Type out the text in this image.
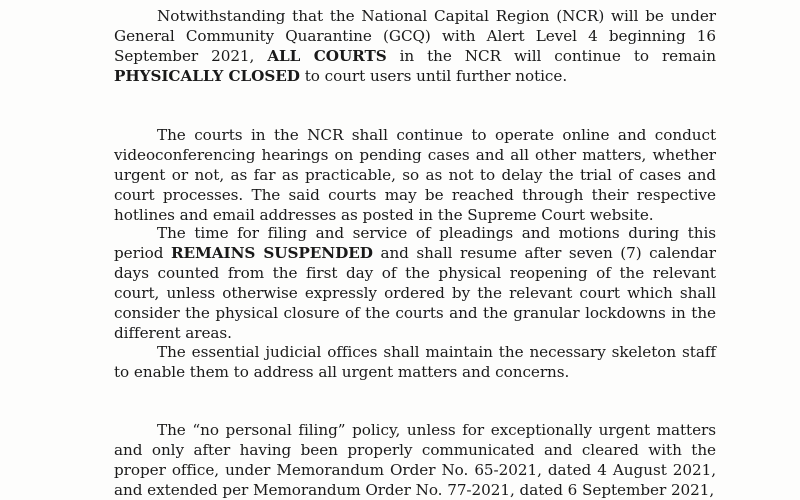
Notwithstanding that the National Capital Region (NCR) will be under General Community Quarantine (GCQ) with Alert Level 4 beginning 16 September 2021, ALL COURTS in the NCR will continue to remain PHYSICALLY CLOSED to court users until further notice.

The courts in the NCR shall continue to operate online and conduct videoconferencing hearings on pending cases and all other matters, whether urgent or not, as far as practicable, so as not to delay the trial of cases and court processes. The said courts may be reached through their respective hotlines and email addresses as posted in the Supreme Court website.

The time for filing and service of pleadings and motions during this period REMAINS SUSPENDED and shall resume after seven (7) calendar days counted from the first day of the physical reopening of the relevant court, unless otherwise expressly ordered by the relevant court which shall consider the physical closure of the courts and the granular lockdowns in the different areas.

The essential judicial offices shall maintain the necessary skeleton staff to enable them to address all urgent matters and concerns.

The “no personal filing” policy, unless for exceptionally urgent matters and only after having been properly communicated and cleared with the proper office, under Memorandum Order No. 65-2021, dated 4 August 2021, and extended per Memorandum Order No. 77-2021, dated 6 September 2021,
